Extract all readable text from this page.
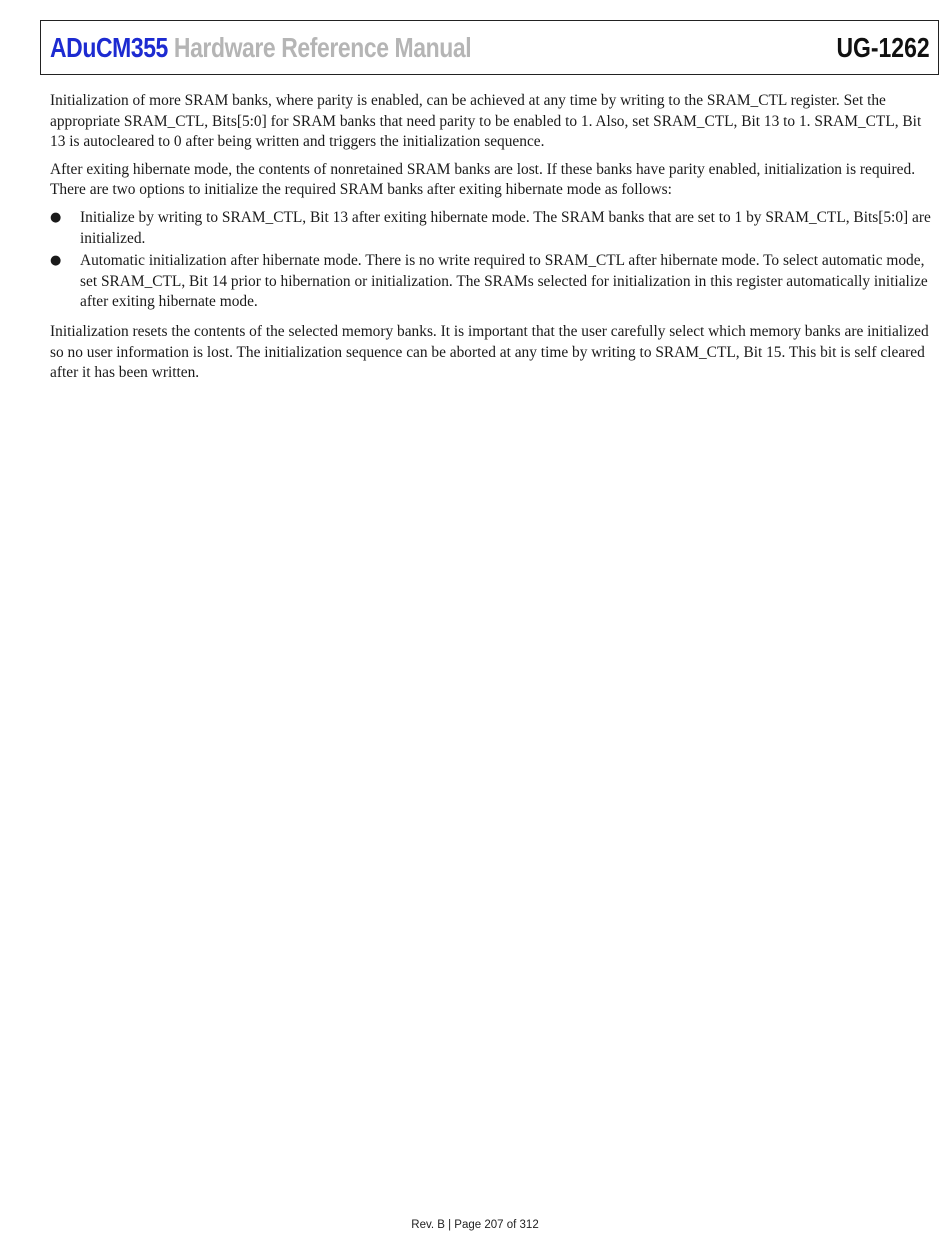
ADuCM355 Hardware Reference Manual	UG-1262

Initialization of more SRAM banks, where parity is enabled, can be achieved at any time by writing to the SRAM_CTL register. Set the appropriate SRAM_CTL, Bits[5:0] for SRAM banks that need parity to be enabled to 1. Also, set SRAM_CTL, Bit 13 to 1. SRAM_CTL, Bit 13 is autocleared to 0 after being written and triggers the initialization sequence.

After exiting hibernate mode, the contents of nonretained SRAM banks are lost. If these banks have parity enabled, initialization is required. There are two options to initialize the required SRAM banks after exiting hibernate mode as follows:

● Initialize by writing to SRAM_CTL, Bit 13 after exiting hibernate mode. The SRAM banks that are set to 1 by SRAM_CTL, Bits[5:0] are initialized.
● Automatic initialization after hibernate mode. There is no write required to SRAM_CTL after hibernate mode. To select automatic mode, set SRAM_CTL, Bit 14 prior to hibernation or initialization. The SRAMs selected for initialization in this register automatically initialize after exiting hibernate mode.

Initialization resets the contents of the selected memory banks. It is important that the user carefully select which memory banks are initialized so no user information is lost. The initialization sequence can be aborted at any time by writing to SRAM_CTL, Bit 15. This bit is self cleared after it has been written.

Rev. B | Page 207 of 312
